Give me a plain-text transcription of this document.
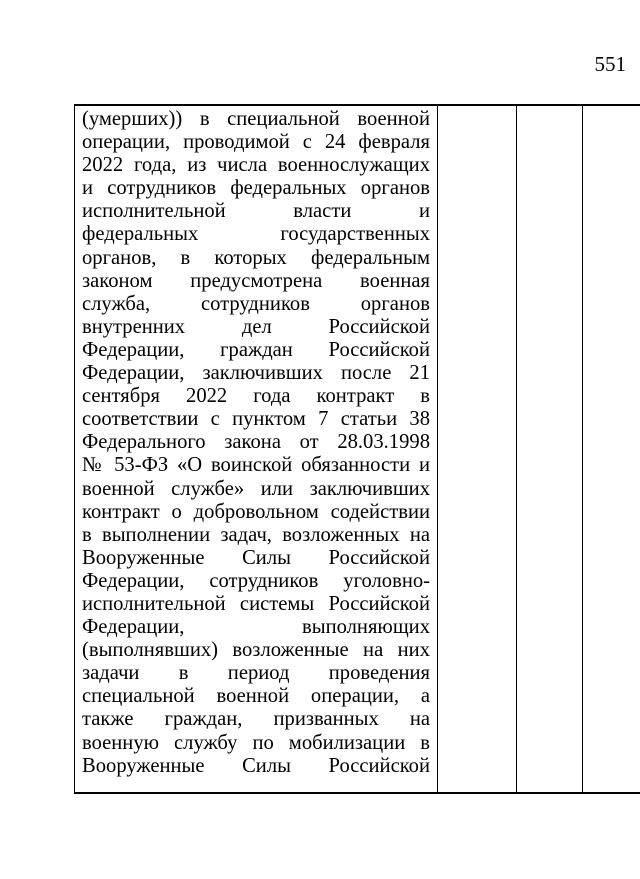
551
(умерших)) в специальной военной
операции, проводимой с 24 февраля
2022 года, из числа военнослужащих
и сотрудников федеральных органов
исполнительной власти и
федеральных государственных
органов, в которых федеральным
законом предусмотрена военная
служба, сотрудников органов
внутренних дел Российской
Федерации, граждан Российской
Федерации, заключивших после 21
сентября 2022 года контракт в
соответствии с пунктом 7 статьи 38
Федерального закона от 28.03.1998
№ 53-ФЗ «О воинской обязанности и
военной службе» или заключивших
контракт о добровольном содействии
в выполнении задач, возложенных на
Вооруженные Силы Российской
Федерации, сотрудников уголовно-
исполнительной системы Российской
Федерации, выполняющих
(выполнявших) возложенные на них
задачи в период проведения
специальной военной операции, а
также граждан, призванных на
военную службу по мобилизации в
Вооруженные Силы Российской
